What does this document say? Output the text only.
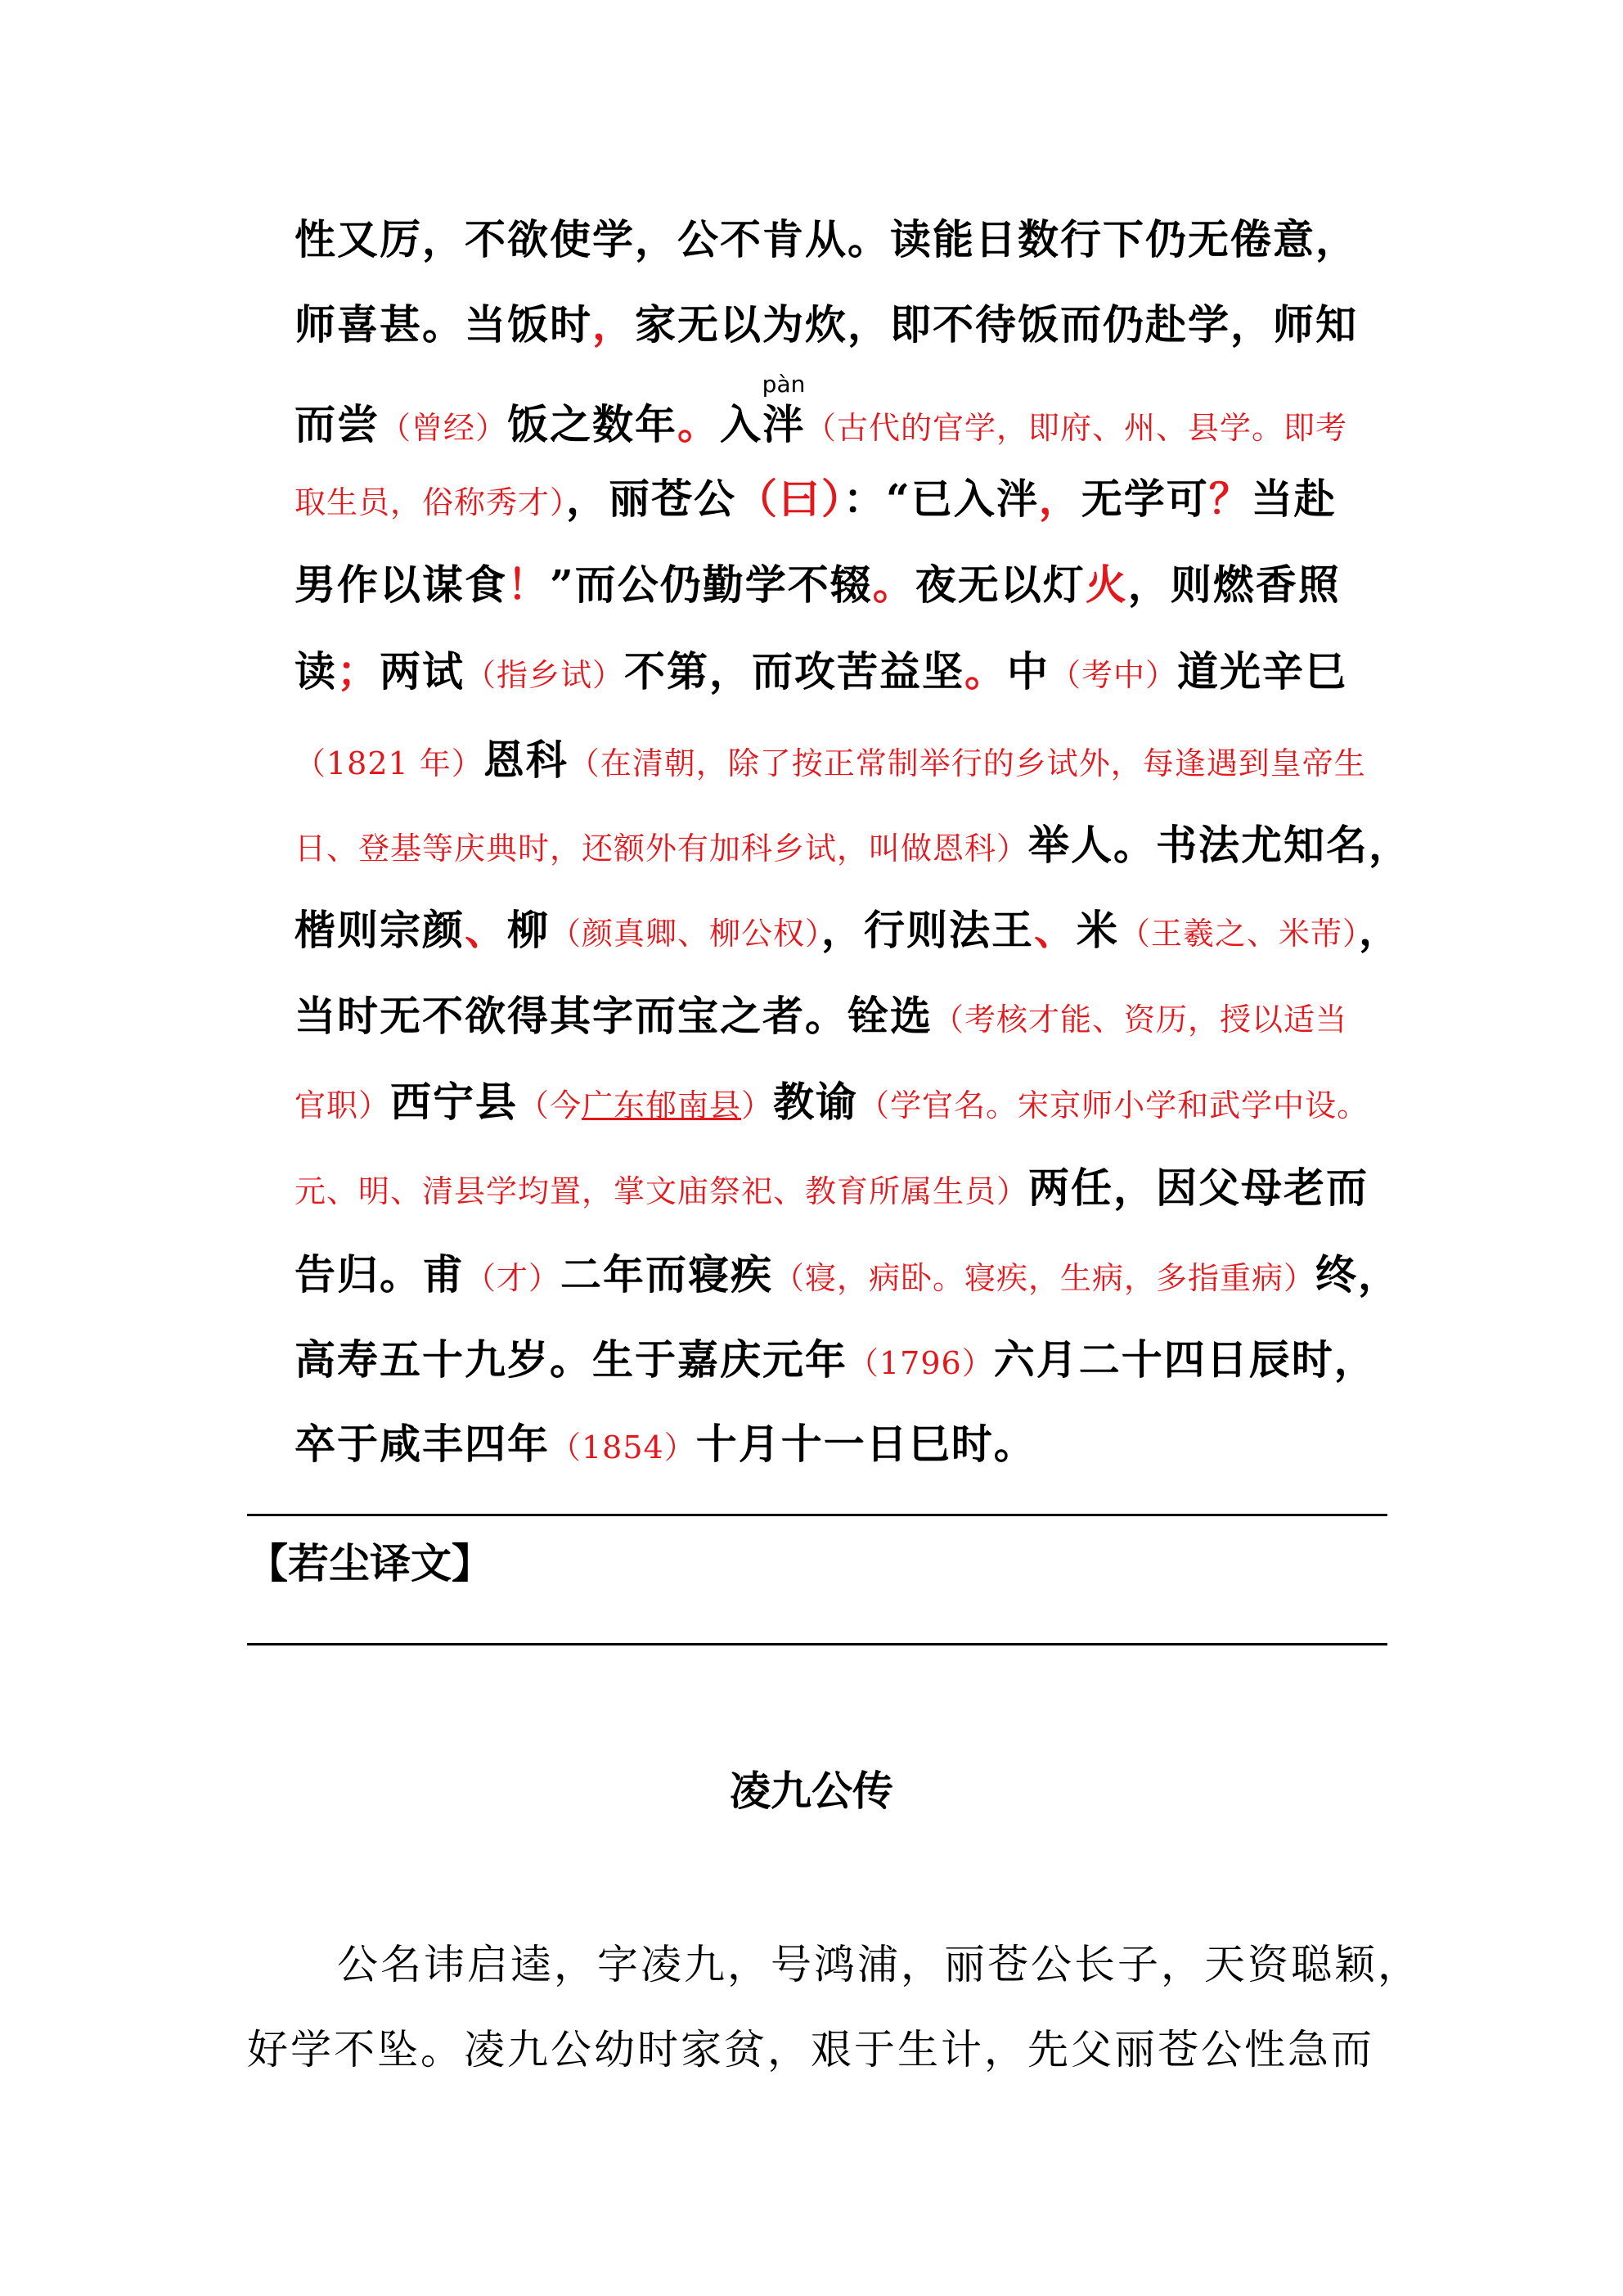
性又厉，不欲使学，公不肯从。读能日数行下仍无倦意，
师喜甚。当饭时，家无以为炊，即不待饭而仍赴学，师知
而尝（曾经）饭之数年。入
pàn
泮（古代的官学，即府、州、县学。即考
取生员，俗称秀才），丽苍公（曰）：“已入泮，无学可？当赴
男作以谋食！”而公仍勤学不辍。夜无以灯火，则燃香照
读；两试（指乡试）不第，而攻苦益坚。中（考中）道光辛巳
（1821 年）恩科（在清朝，除了按正常制举行的乡试外，每逢遇到皇帝生
日、登基等庆典时，还额外有加科乡试，叫做恩科）举人。书法尤知名，
楷则宗颜、柳（颜真卿、柳公权），行则法王、米（王羲之、米芾），
当时无不欲得其字而宝之者。铨选（考核才能、资历，授以适当
官职）西宁县（今广东郁南县）教谕（学官名。宋京师小学和武学中设。
元、明、清县学均置，掌文庙祭祀、教育所属生员）两任，因父母老而
告归。甫（才）二年而寝疾（寝，病卧。寝疾，生病，多指重病）终，
高寿五十九岁。生于嘉庆元年（1796）六月二十四日辰时，
卒于咸丰四年（1854）十月十一日巳时。
【若尘译文】
凌九公传
公名讳启逵，字凌九，号鸿浦，丽苍公长子，天资聪颖，
好学不坠。凌九公幼时家贫，艰于生计，先父丽苍公性急而
